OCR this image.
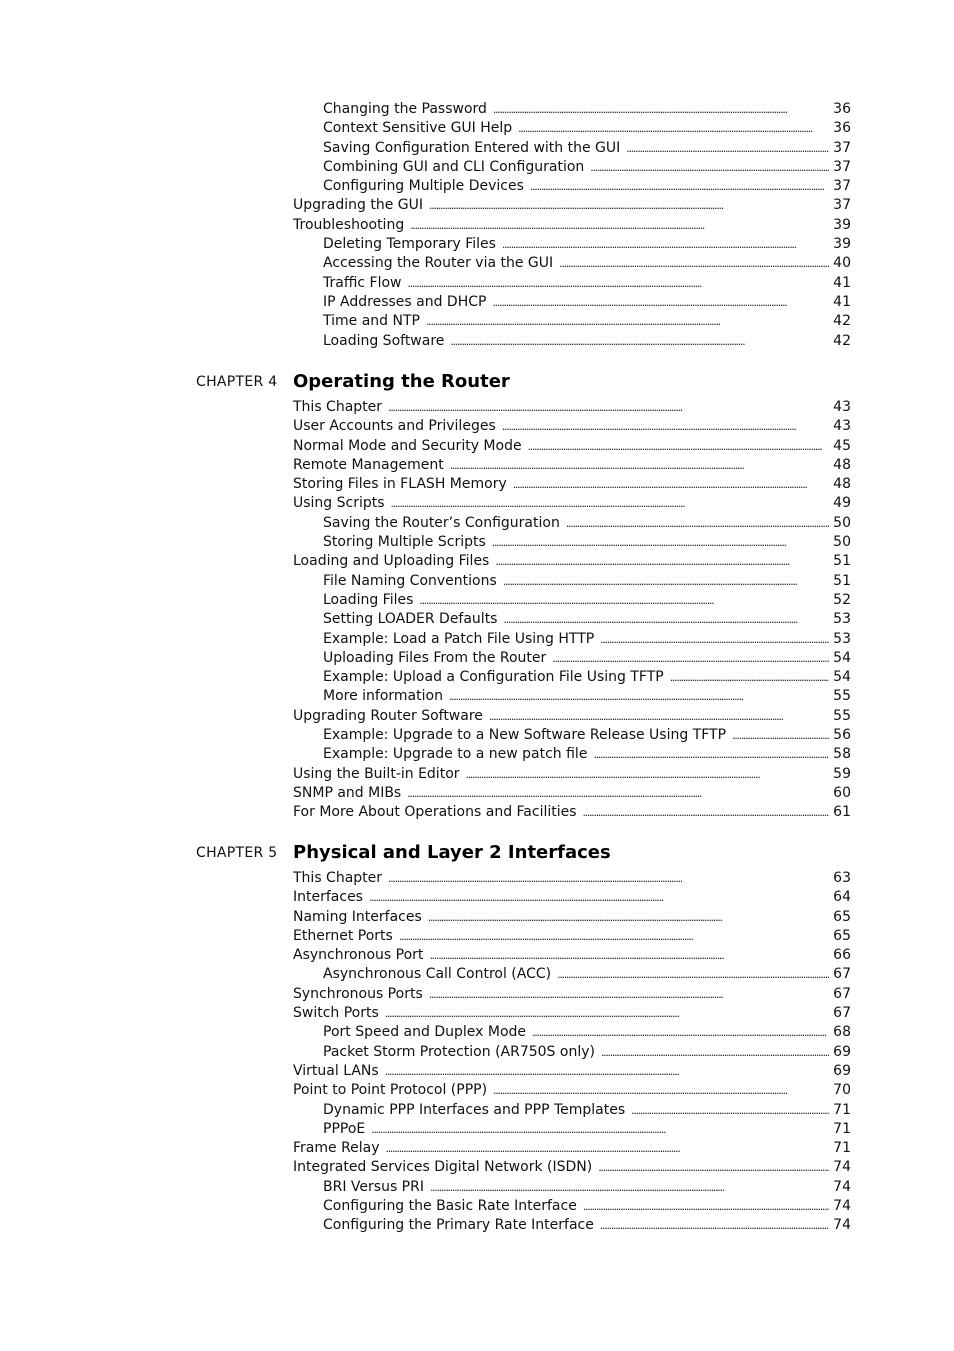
Changing the Password . . .	36
Context Sensitive GUI Help . . .	36
Saving Configuration Entered with the GUI . . .	37
Combining GUI and CLI Configuration . . .	37
Configuring Multiple Devices . . .	37
Upgrading the GUI . . .	37
Troubleshooting . . .	39
Deleting Temporary Files . . .	39
Accessing the Router via the GUI . . .	40
Traffic Flow . . .	41
IP Addresses and DHCP . . .	41
Time and NTP . . .	42
Loading Software . . .	42
CHAPTER 4 Operating the Router
This Chapter . . .	43
User Accounts and Privileges . . .	43
Normal Mode and Security Mode . . .	45
Remote Management . . .	48
Storing Files in FLASH Memory . . .	48
Using Scripts . . .	49
Saving the Router’s Configuration . . .	50
Storing Multiple Scripts . . .	50
Loading and Uploading Files . . .	51
File Naming Conventions . . .	51
Loading Files . . .	52
Setting LOADER Defaults . . .	53
Example: Load a Patch File Using HTTP . . .	53
Uploading Files From the Router . . .	54
Example: Upload a Configuration File Using TFTP . . .	54
More information . . .	55
Upgrading Router Software . . .	55
Example: Upgrade to a New Software Release Using TFTP . . .	56
Example: Upgrade to a new patch file . . .	58
Using the Built-in Editor . . .	59
SNMP and MIBs . . .	60
For More About Operations and Facilities . . .	61
CHAPTER 5 Physical and Layer 2 Interfaces
This Chapter . . .	63
Interfaces . . .	64
Naming Interfaces . . .	65
Ethernet Ports . . .	65
Asynchronous Port . . .	66
Asynchronous Call Control (ACC) . . .	67
Synchronous Ports . . .	67
Switch Ports . . .	67
Port Speed and Duplex Mode . . .	68
Packet Storm Protection (AR750S only) . . .	69
Virtual LANs . . .	69
Point to Point Protocol (PPP) . . .	70
Dynamic PPP Interfaces and PPP Templates . . .	71
PPPoE . . .	71
Frame Relay . . .	71
Integrated Services Digital Network (ISDN) . . .	74
BRI Versus PRI . . .	74
Configuring the Basic Rate Interface . . .	74
Configuring the Primary Rate Interface . . .	74
